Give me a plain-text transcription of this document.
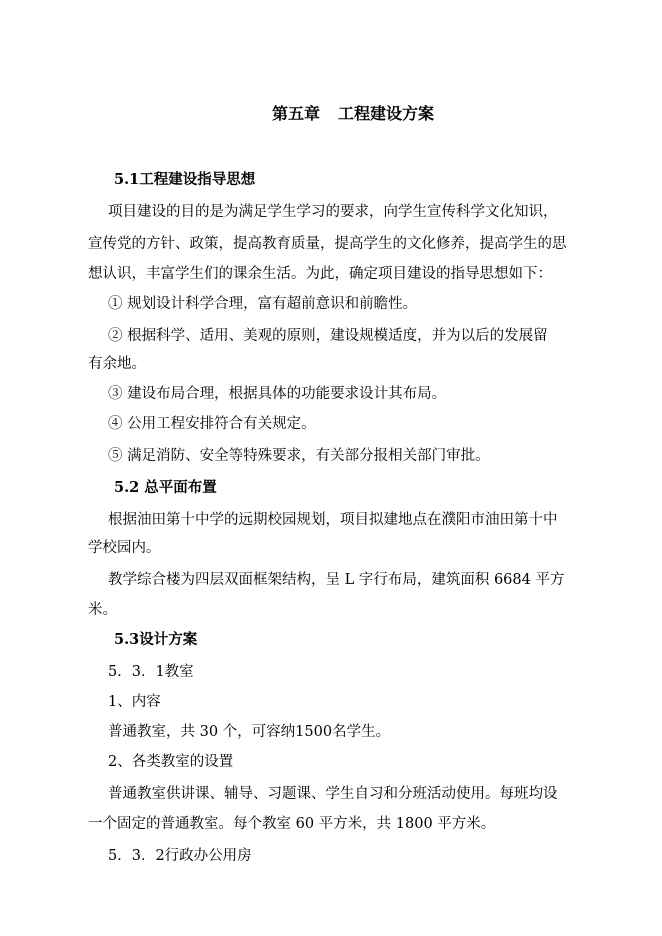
第五章 工程建设方案
5.1工程建设指导思想
项目建设的目的是为满足学生学习的要求，向学生宣传科学文化知识，
宣传党的方针、政策，提高教育质量，提高学生的文化修养，提高学生的思
想认识，丰富学生们的课余生活。为此，确定项目建设的指导思想如下：
① 规划设计科学合理，富有超前意识和前瞻性。
② 根据科学、适用、美观的原则，建设规模适度，并为以后的发展留
有余地。
③ 建设布局合理，根据具体的功能要求设计其布局。
④ 公用工程安排符合有关规定。
⑤ 满足消防、安全等特殊要求，有关部分报相关部门审批。
5.2 总平面布置
根据油田第十中学的远期校园规划，项目拟建地点在濮阳市油田第十中
学校园内。
教学综合楼为四层双面框架结构，呈 L 字行布局，建筑面积 6684 平方
米。
5.3设计方案
5．3．1教室
1、内容
普通教室，共 30 个，可容纳1500名学生。
2、各类教室的设置
普通教室供讲课、辅导、习题课、学生自习和分班活动使用。每班均设
一个固定的普通教室。每个教室 60 平方米，共 1800 平方米。
5．3．2行政办公用房
